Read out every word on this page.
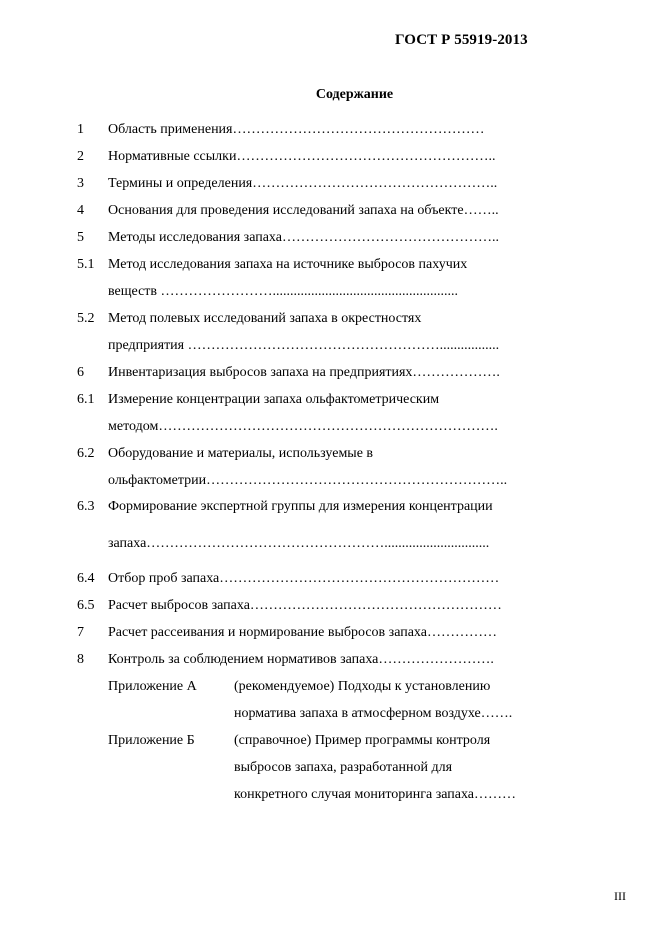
ГОСТ Р 55919-2013
Содержание
1 Область применения………………………………………………
2 Нормативные ссылки………………………………………………..
3 Термины и определения……………………………………………..
4 Основания для проведения исследований запаха на объекте……..
5 Методы исследования запаха………………………………………..
5.1 Метод исследования запаха на источнике выбросов пахучих
веществ …………………….....................................................
5.2 Метод полевых исследований запаха в окрестностях
предприятия ……………………………………………….................
6 Инвентаризация выбросов запаха на предприятиях……………….
6.1 Измерение концентрации запаха ольфактометрическим
методом……………………………………………………………….
6.2 Оборудование и материалы, используемые в
ольфактометрии………………………………………………………..
6.3 Формирование экспертной группы для измерения концентрации
запаха……………………………………………..............................
6.4 Отбор проб запаха……………………………………………………
6.5 Расчет выбросов запаха………………………………………………
7 Расчет рассеивания и нормирование выбросов запаха……………
8 Контроль за соблюдением нормативов запаха…………………….
Приложение А	(рекомендуемое) Подходы к установлению
норматива запаха в атмосферном воздухе…….
Приложение Б	(справочное) Пример программы контроля
выбросов запаха, разработанной для
конкретного случая мониторинга запаха………
III
